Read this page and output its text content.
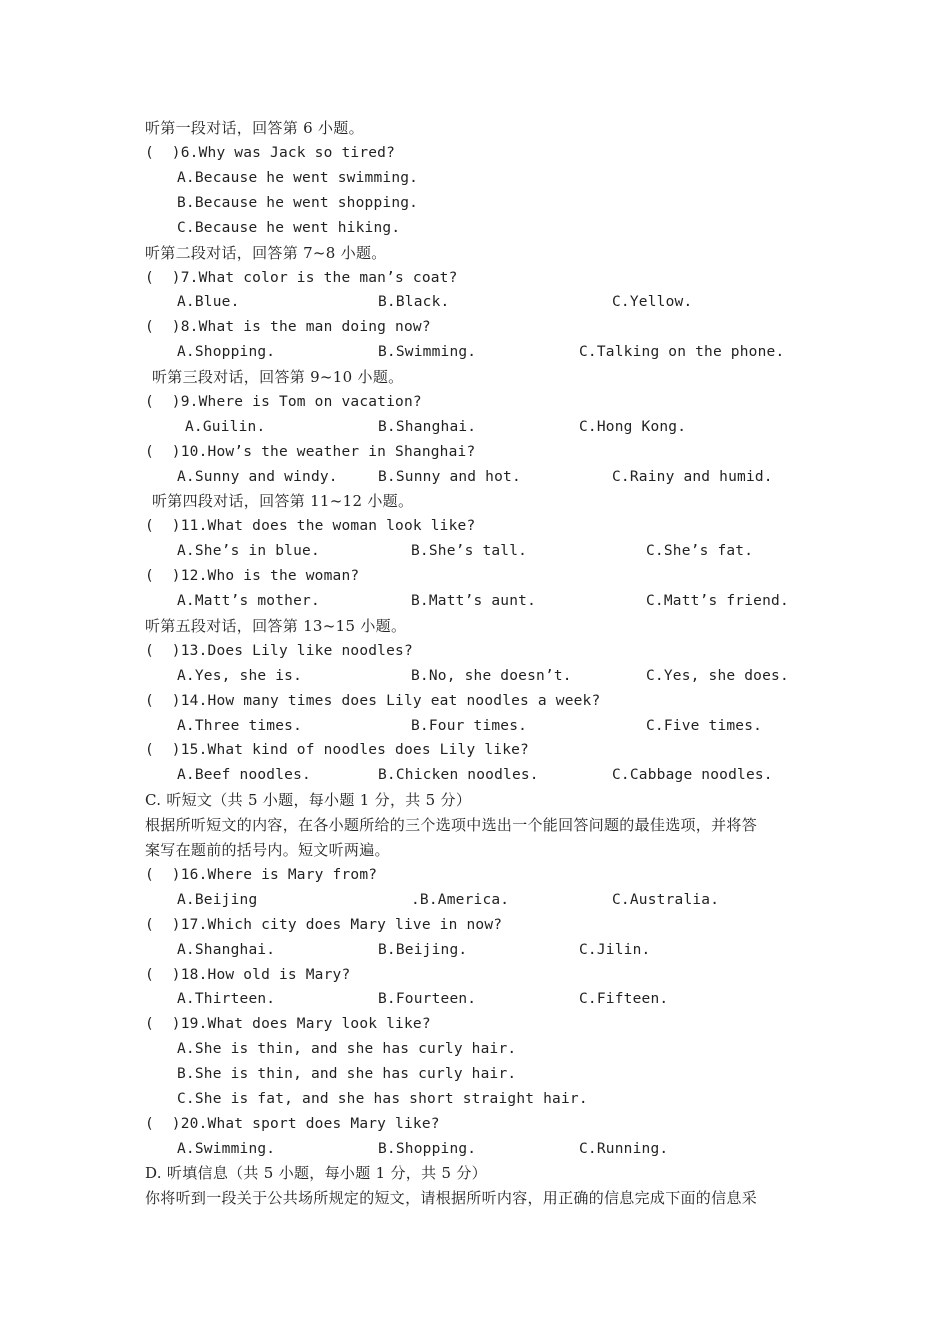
听第一段对话，回答第 6 小题。
(  )6.Why was Jack so tired?
A.Because he went swimming.
B.Because he went shopping.
C.Because he went hiking.
听第二段对话，回答第 7~8 小题。
(  )7.What color is the man’s coat?
A.Blue.	B.Black.	C.Yellow.
(  )8.What is the man doing now?
A.Shopping.	B.Swimming.	C.Talking on the phone.
听第三段对话，回答第 9~10 小题。
(  )9.Where is Tom on vacation?
A.Guilin.	B.Shanghai.	C.Hong Kong.
(  )10.How’s the weather in Shanghai?
A.Sunny and windy.	B.Sunny and hot.	C.Rainy and humid.
听第四段对话，回答第 11~12 小题。
(  )11.What does the woman look like?
A.She’s in blue.	B.She’s tall.	C.She’s fat.
(  )12.Who is the woman?
A.Matt’s mother.	B.Matt’s aunt.	C.Matt’s friend.
听第五段对话，回答第 13~15 小题。
(  )13.Does Lily like noodles?
A.Yes, she is.	B.No, she doesn’t.	C.Yes, she does.
(  )14.How many times does Lily eat noodles a week?
A.Three times.	B.Four times.	C.Five times.
(  )15.What kind of noodles does Lily like?
A.Beef noodles.	B.Chicken noodles.	C.Cabbage noodles.
C. 听短文（共 5 小题，每小题 1 分，共 5 分）
根据所听短文的内容，在各小题所给的三个选项中选出一个能回答问题的最佳选项，并将答
案写在题前的括号内。短文听两遍。
(  )16.Where is Mary from?
A.Beijing	.B.America.	C.Australia.
(  )17.Which city does Mary live in now?
A.Shanghai.	B.Beijing.	C.Jilin.
(  )18.How old is Mary?
A.Thirteen.	B.Fourteen.	C.Fifteen.
(  )19.What does Mary look like?
A.She is thin, and she has curly hair.
B.She is thin, and she has curly hair.
C.She is fat, and she has short straight hair.
(  )20.What sport does Mary like?
A.Swimming.	B.Shopping.	C.Running.
D. 听填信息（共 5 小题，每小题 1 分，共 5 分）
你将听到一段关于公共场所规定的短文，请根据所听内容，用正确的信息完成下面的信息采
